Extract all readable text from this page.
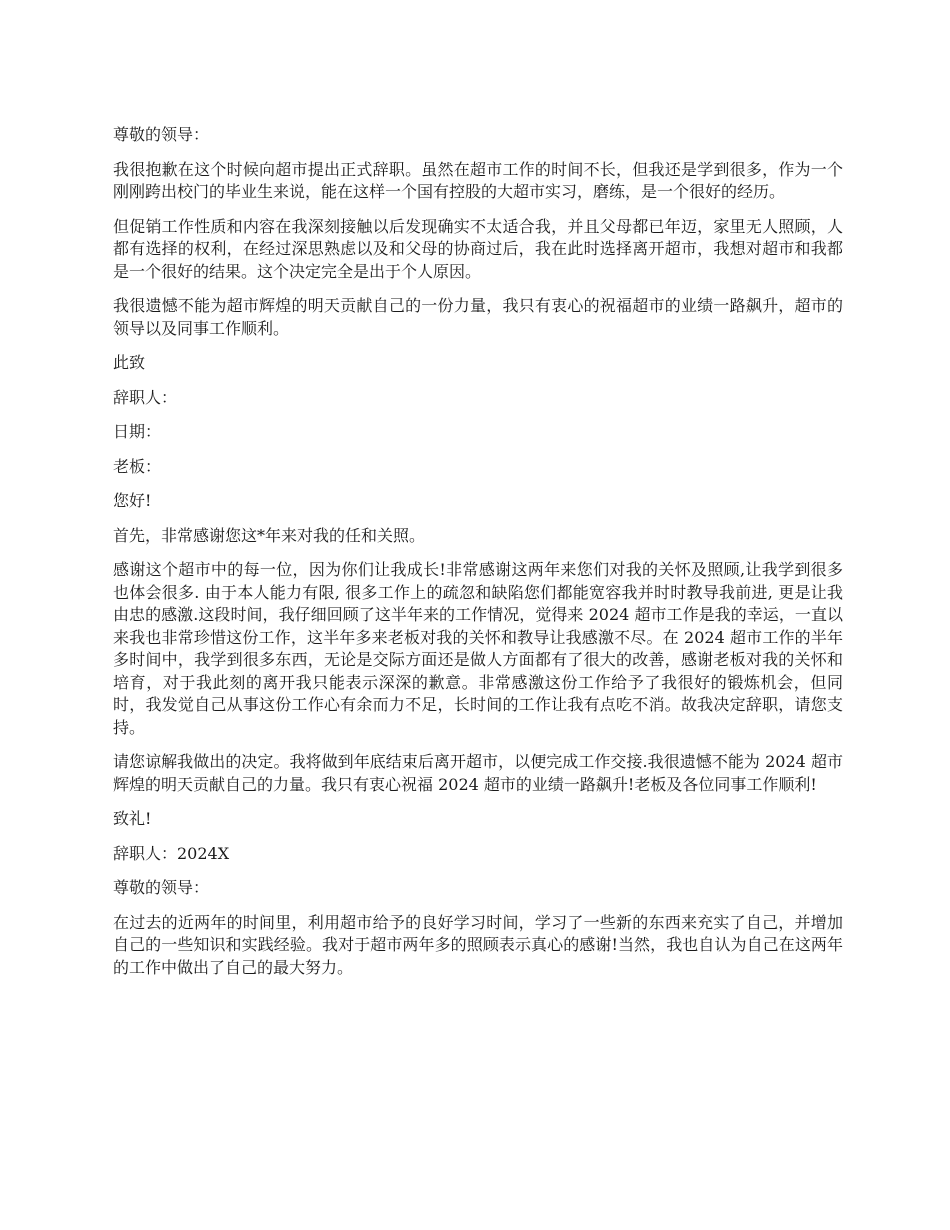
尊敬的领导：

我很抱歉在这个时候向超市提出正式辞职。虽然在超市工作的时间不长，但我还是学到很多，作为一个刚刚跨出校门的毕业生来说，能在这样一个国有控股的大超市实习，磨练，是一个很好的经历。

但促销工作性质和内容在我深刻接触以后发现确实不太适合我，并且父母都已年迈，家里无人照顾，人都有选择的权利，在经过深思熟虑以及和父母的协商过后，我在此时选择离开超市，我想对超市和我都是一个很好的结果。这个决定完全是出于个人原因。

我很遗憾不能为超市辉煌的明天贡献自己的一份力量，我只有衷心的祝福超市的业绩一路飙升，超市的领导以及同事工作顺利。

此致

辞职人：

日期：

老板：

您好!

首先，非常感谢您这*年来对我的任和关照。

感谢这个超市中的每一位，因为你们让我成长!非常感谢这两年来您们对我的关怀及照顾,让我学到很多也体会很多. 由于本人能力有限, 很多工作上的疏忽和缺陷您们都能宽容我并时时教导我前进, 更是让我由忠的感激.这段时间，我仔细回顾了这半年来的工作情况，觉得来 2024 超市工作是我的幸运，一直以来我也非常珍惜这份工作，这半年多来老板对我的关怀和教导让我感激不尽。在 2024 超市工作的半年多时间中，我学到很多东西，无论是交际方面还是做人方面都有了很大的改善，感谢老板对我的关怀和培育，对于我此刻的离开我只能表示深深的歉意。非常感激这份工作给予了我很好的锻炼机会，但同时，我发觉自己从事这份工作心有余而力不足，长时间的工作让我有点吃不消。故我决定辞职，请您支持。

请您谅解我做出的决定。我将做到年底结束后离开超市，以便完成工作交接.我很遗憾不能为 2024 超市辉煌的明天贡献自己的力量。我只有衷心祝福 2024 超市的业绩一路飙升!老板及各位同事工作顺利!

致礼!

辞职人：2024X

尊敬的领导：

在过去的近两年的时间里，利用超市给予的良好学习时间，学习了一些新的东西来充实了自己，并增加自己的一些知识和实践经验。我对于超市两年多的照顾表示真心的感谢!当然，我也自认为自己在这两年的工作中做出了自己的最大努力。
